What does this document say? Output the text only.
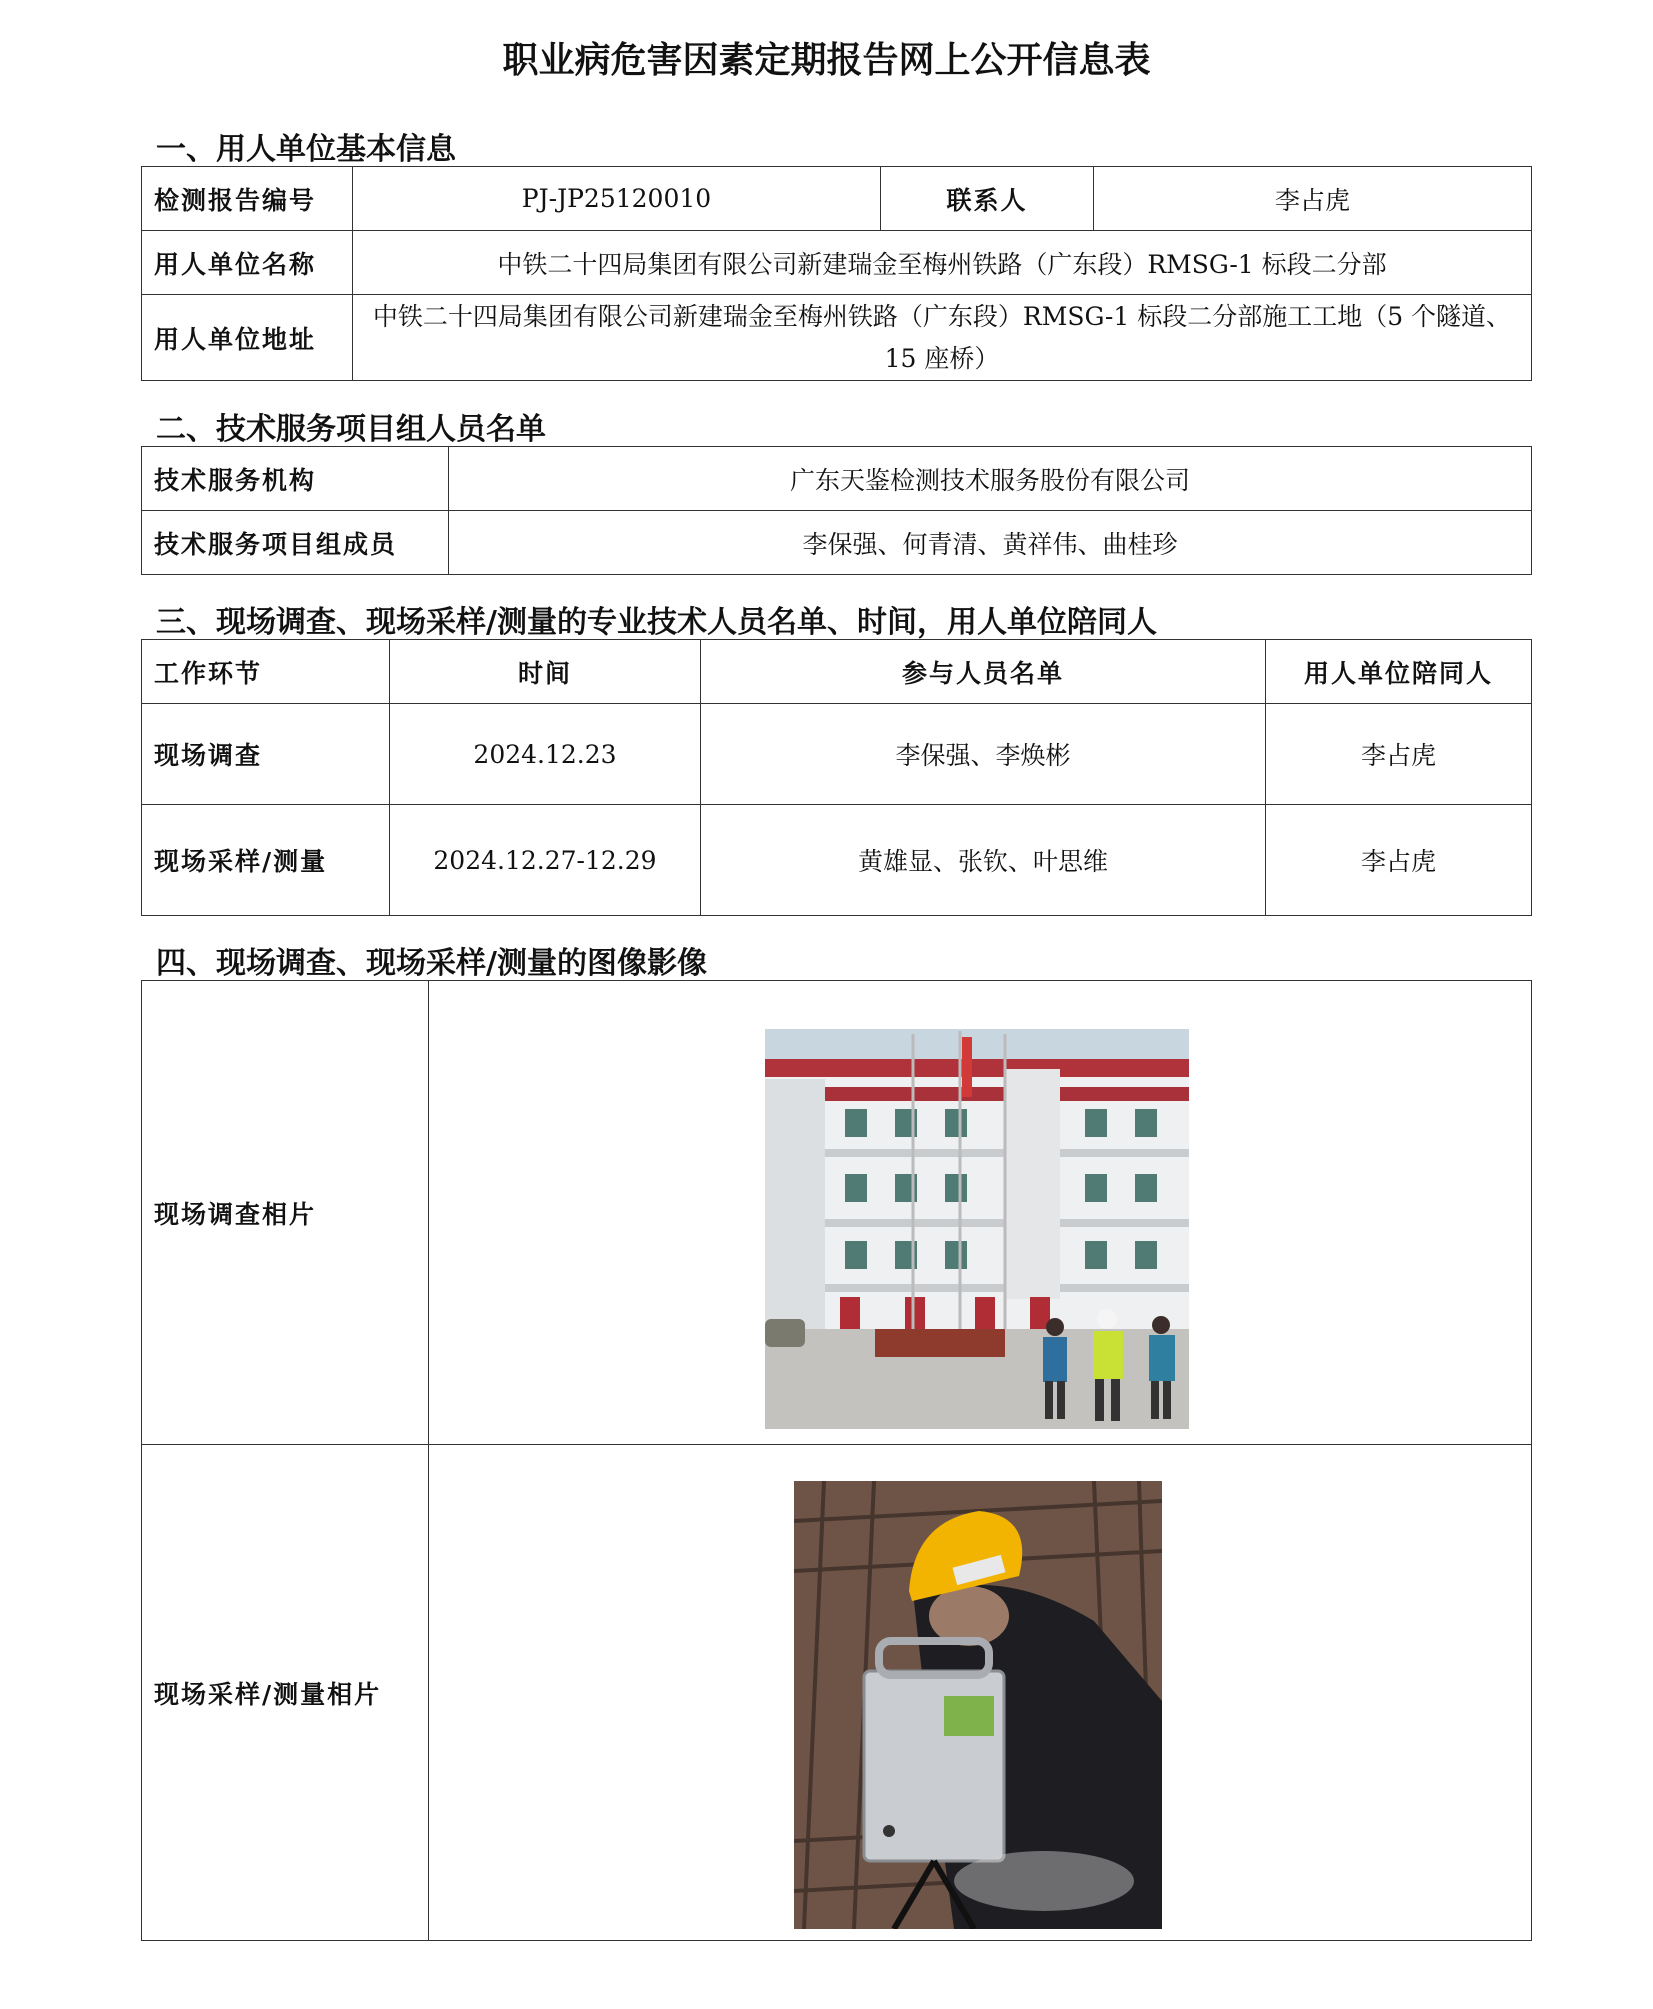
职业病危害因素定期报告网上公开信息表
一、用人单位基本信息
检测报告编号	PJ-JP25120010	联系人	李占虎
用人单位名称	中铁二十四局集团有限公司新建瑞金至梅州铁路（广东段）RMSG-1 标段二分部		
用人单位地址	中铁二十四局集团有限公司新建瑞金至梅州铁路（广东段）RMSG-1 标段二分部施工工地（5 个隧道、15 座桥）		
二、技术服务项目组人员名单
技术服务机构	广东天鉴检测技术服务股份有限公司
技术服务项目组成员	李保强、何青清、黄祥伟、曲桂珍
三、现场调查、现场采样/测量的专业技术人员名单、时间，用人单位陪同人
工作环节	时间	参与人员名单	用人单位陪同人
现场调查	2024.12.23	李保强、李焕彬	李占虎
现场采样/测量	2024.12.27-12.29	黄雄显、张钦、叶思维	李占虎
四、现场调查、现场采样/测量的图像影像
现场调查相片	
现场采样/测量相片	
